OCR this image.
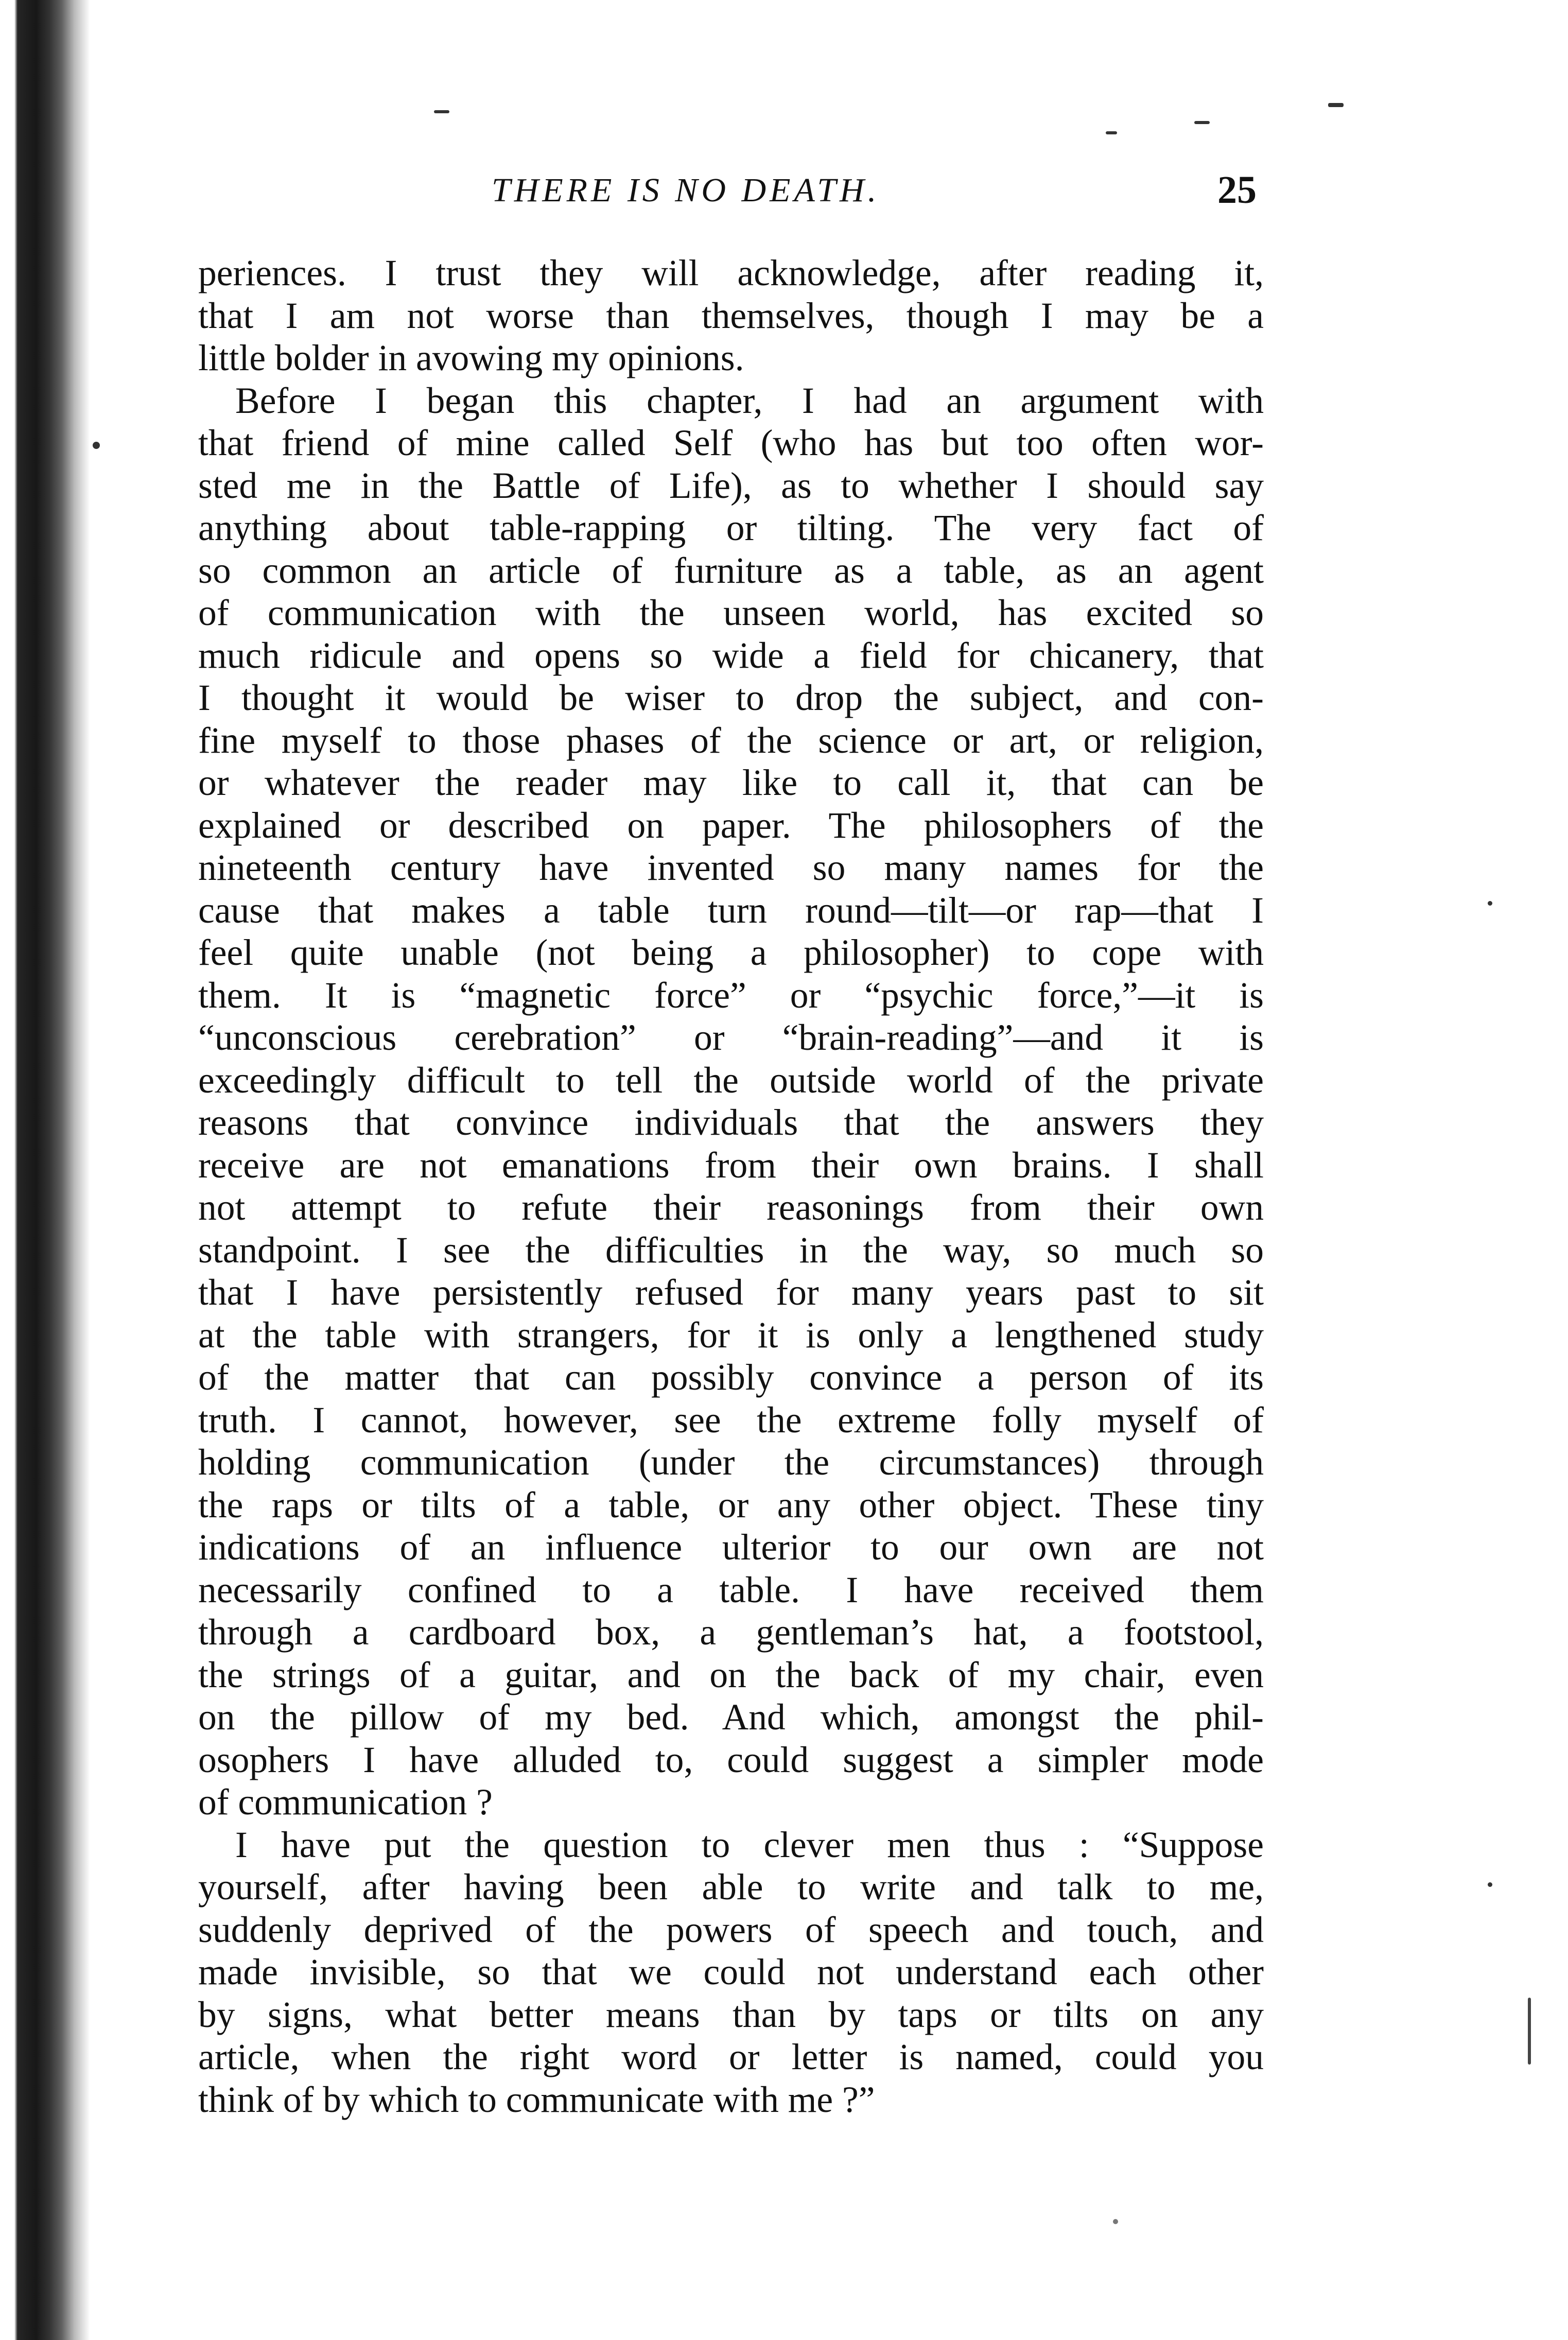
THERE IS NO DEATH.	25

periences. I trust they will acknowledge, after reading it,
that I am not worse than themselves, though I may be a
little bolder in avowing my opinions.

Before I began this chapter, I had an argument with
that friend of mine called Self (who has but too often wor-
sted me in the Battle of Life), as to whether I should say
anything about table-rapping or tilting. The very fact of
so common an article of furniture as a table, as an agent
of communication with the unseen world, has excited so
much ridicule and opens so wide a field for chicanery, that
I thought it would be wiser to drop the subject, and con-
fine myself to those phases of the science or art, or religion,
or whatever the reader may like to call it, that can be
explained or described on paper. The philosophers of the
nineteenth century have invented so many names for the
cause that makes a table turn round—tilt—or rap—that I
feel quite unable (not being a philosopher) to cope with
them. It is “magnetic force” or “psychic force,”—it is
“unconscious cerebration” or “brain-reading”—and it is
exceedingly difficult to tell the outside world of the private
reasons that convince individuals that the answers they
receive are not emanations from their own brains. I shall
not attempt to refute their reasonings from their own
standpoint. I see the difficulties in the way, so much so
that I have persistently refused for many years past to sit
at the table with strangers, for it is only a lengthened study
of the matter that can possibly convince a person of its
truth. I cannot, however, see the extreme folly myself of
holding communication (under the circumstances) through
the raps or tilts of a table, or any other object. These tiny
indications of an influence ulterior to our own are not
necessarily confined to a table. I have received them
through a cardboard box, a gentleman’s hat, a footstool,
the strings of a guitar, and on the back of my chair, even
on the pillow of my bed. And which, amongst the phil-
osophers I have alluded to, could suggest a simpler mode
of communication ?

I have put the question to clever men thus : “Suppose
yourself, after having been able to write and talk to me,
suddenly deprived of the powers of speech and touch, and
made invisible, so that we could not understand each other
by signs, what better means than by taps or tilts on any
article, when the right word or letter is named, could you
think of by which to communicate with me ?”
